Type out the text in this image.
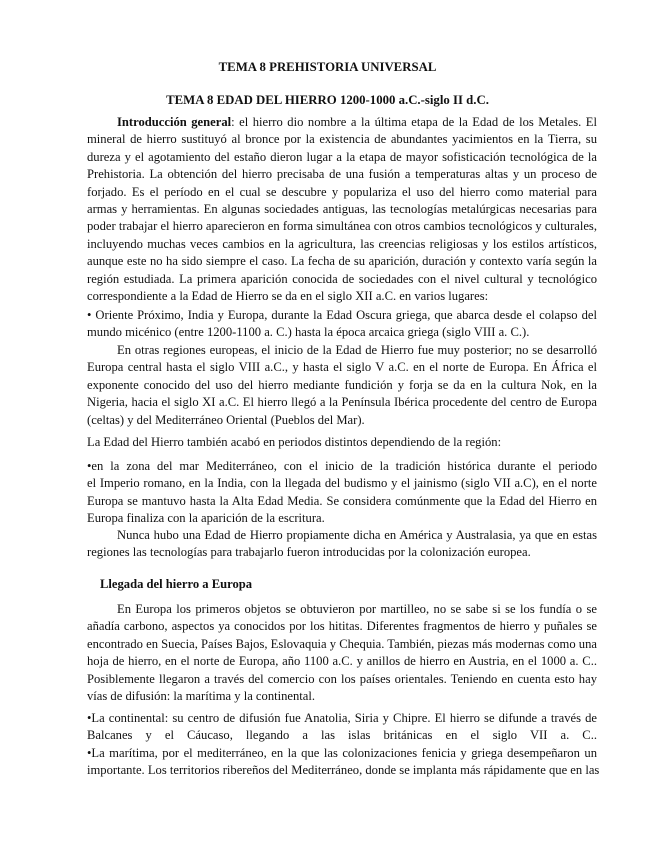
TEMA 8 PREHISTORIA UNIVERSAL
TEMA 8 EDAD DEL HIERRO 1200-1000 a.C.-siglo II d.C.
Introducción general: el hierro dio nombre a la última etapa de la Edad de los Metales. El
mineral de hierro sustituyó al bronce por la existencia de abundantes yacimientos en la Tierra, su
dureza y el agotamiento del estaño dieron lugar a la etapa de mayor sofisticación tecnológica de la
Prehistoria. La obtención del hierro precisaba de una fusión a temperaturas altas y un proceso de
forjado. Es el período en el cual se descubre y populariza el uso del hierro como material para
armas y herramientas. En algunas sociedades antiguas, las tecnologías metalúrgicas necesarias para
poder trabajar el hierro aparecieron en forma simultánea con otros cambios tecnológicos y culturales,
incluyendo muchas veces cambios en la agricultura, las creencias religiosas y los estilos artísticos,
aunque este no ha sido siempre el caso. La fecha de su aparición, duración y contexto varía según la
región estudiada. La primera aparición conocida de sociedades con el nivel cultural y tecnológico
correspondiente a la Edad de Hierro se da en el siglo XII a.C. en varios lugares:
• Oriente Próximo, India y Europa, durante la Edad Oscura griega, que abarca desde el colapso del
mundo micénico (entre 1200-1100 a. C.) hasta la época arcaica griega (siglo VIII a. C.).
En otras regiones europeas, el inicio de la Edad de Hierro fue muy posterior; no se desarrolló
Europa central hasta el siglo VIII a.C., y hasta el siglo V a.C. en el norte de Europa. En África el
exponente conocido del uso del hierro mediante fundición y forja se da en la cultura Nok, en la
Nigeria, hacia el siglo XI a.C. El hierro llegó a la Península Ibérica procedente del centro de Europa
(celtas) y del Mediterráneo Oriental (Pueblos del Mar).
La Edad del Hierro también acabó en periodos distintos dependiendo de la región:
•en la zona del mar Mediterráneo, con el inicio de la tradición histórica durante el periodo
el Imperio romano, en la India, con la llegada del budismo y el jainismo (siglo VII a.C), en el norte
Europa se mantuvo hasta la Alta Edad Media. Se considera comúnmente que la Edad del Hierro en
Europa finaliza con la aparición de la escritura.
Nunca hubo una Edad de Hierro propiamente dicha en América y Australasia, ya que en estas
regiones las tecnologías para trabajarlo fueron introducidas por la colonización europea.
Llegada del hierro a Europa
En Europa los primeros objetos se obtuvieron por martilleo, no se sabe si se los fundía o se
añadía carbono, aspectos ya conocidos por los hititas. Diferentes fragmentos de hierro y puñales se
encontrado en Suecia, Países Bajos, Eslovaquia y Chequia. También, piezas más modernas como una
hoja de hierro, en el norte de Europa, año 1100 a.C. y anillos de hierro en Austria, en el 1000 a. C..
Posiblemente llegaron a través del comercio con los países orientales. Teniendo en cuenta esto hay
vías de difusión: la marítima y la continental.
•La continental: su centro de difusión fue Anatolia, Siria y Chipre. El hierro se difunde a través de
Balcanes y el Cáucaso, llegando a las islas británicas en el siglo VII a. C..
•La marítima, por el mediterráneo, en la que las colonizaciones fenicia y griega desempeñaron un
importante. Los territorios ribereños del Mediterráneo, donde se implanta más rápidamente que en las
